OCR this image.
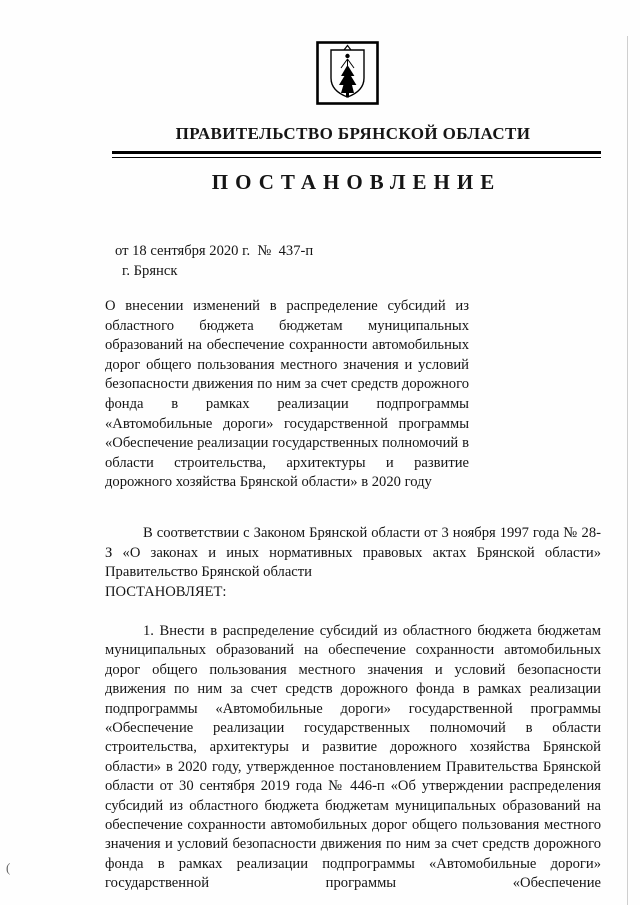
ПРАВИТЕЛЬСТВО БРЯНСКОЙ ОБЛАСТИ
ПОСТАНОВЛЕНИЕ
от 18 сентября 2020 г.  №  437-п
г. Брянск
О внесении изменений в распределение субсидий из областного бюджета бюджетам муниципальных образований на обеспечение сохранности автомобильных дорог общего пользования местного значения и условий безопасности движения по ним за счет средств дорожного фонда в рамках реализации подпрограммы «Автомобильные дороги» государственной программы «Обеспечение реализации государственных полномочий в области строительства, архитектуры и развитие дорожного хозяйства Брянской области» в 2020 году

В соответствии с Законом Брянской области от 3 ноября 1997 года № 28-З «О законах и иных нормативных правовых актах Брянской области» Правительство Брянской области

ПОСТАНОВЛЯЕТ:

1. Внести в распределение субсидий из областного бюджета бюджетам муниципальных образований на обеспечение сохранности автомобильных дорог общего пользования местного значения и условий безопасности движения по ним за счет средств дорожного фонда в рамках реализации подпрограммы «Автомобильные дороги» государственной программы «Обеспечение реализации государственных полномочий в области строительства, архитектуры и развитие дорожного хозяйства Брянской области» в 2020 году, утвержденное постановлением Правительства Брянской области от 30 сентября 2019 года № 446-п «Об утверждении распределения субсидий из областного бюджета бюджетам муниципальных образований на обеспечение сохранности автомобильных дорог общего пользования местного значения и условий безопасности движения по ним за счет средств дорожного фонда в рамках реализации подпрограммы «Автомобильные дороги» государственной программы «Обеспечение
(
